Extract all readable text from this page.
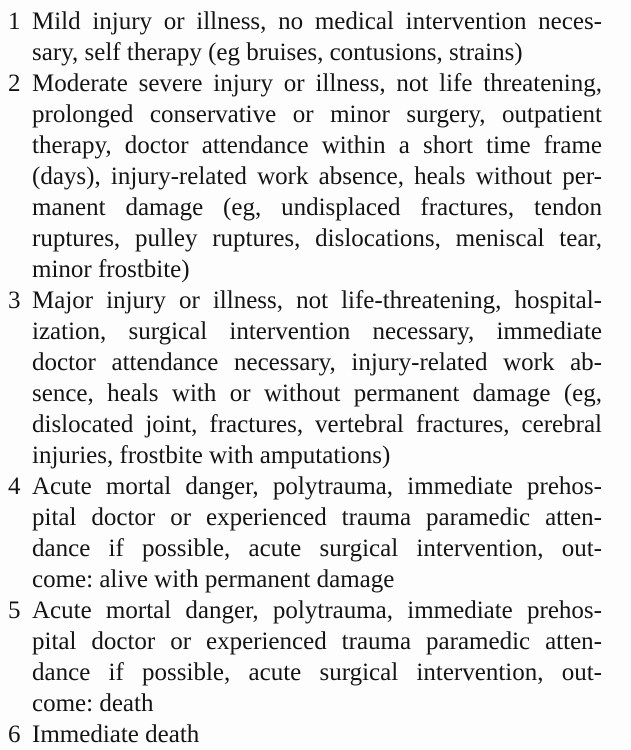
1 Mild injury or illness, no medical intervention neces-
sary, self therapy (eg bruises, contusions, strains)
2 Moderate severe injury or illness, not life threatening,
prolonged conservative or minor surgery, outpatient
therapy, doctor attendance within a short time frame
(days), injury-related work absence, heals without per-
manent damage (eg, undisplaced fractures, tendon
ruptures, pulley ruptures, dislocations, meniscal tear,
minor frostbite)
3 Major injury or illness, not life-threatening, hospital-
ization, surgical intervention necessary, immediate
doctor attendance necessary, injury-related work ab-
sence, heals with or without permanent damage (eg,
dislocated joint, fractures, vertebral fractures, cerebral
injuries, frostbite with amputations)
4 Acute mortal danger, polytrauma, immediate prehos-
pital doctor or experienced trauma paramedic atten-
dance if possible, acute surgical intervention, out-
come: alive with permanent damage
5 Acute mortal danger, polytrauma, immediate prehos-
pital doctor or experienced trauma paramedic atten-
dance if possible, acute surgical intervention, out-
come: death
6 Immediate death
